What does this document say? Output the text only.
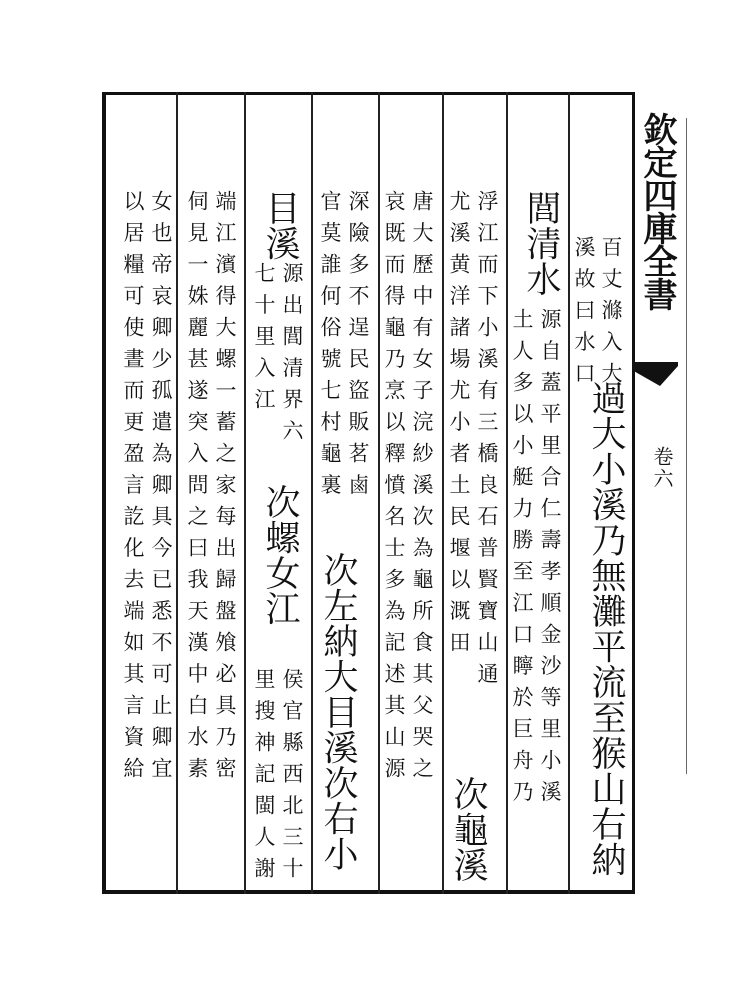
欽定四庫全書
卷六
百丈滌入大
溪故曰水口
過大小溪乃無灘平流至猴山右納
閭清水
源自蓋平里合仁壽孝順金沙等里小溪
土人多以小艇力勝至江口矃於巨舟乃
浮江而下小溪有三橋良石普賢寶山通
尤溪黄洋諸場尤小者土民堰以溉田
次龜溪
唐大歷中有女子浣紗溪次為龜所食其父哭之
哀既而得龜乃烹以釋憤名士多為記述其山源
深險多不逞民盜販茗鹵
官莫誰何俗號七村龜裏
次左納大目溪次右小
目溪
源出閭清界六
七十里入江
次螺女江
侯官縣西北三十
里搜神記閩人謝
端江濱得大螺一蓄之家每出歸盤飧必具乃密
伺見一姝麗甚遂突入問之曰我天漢中白水素
女也帝哀卿少孤遣為卿具今已悉不可止卿宜
以居糧可使晝而更盈言訖化去端如其言資給
